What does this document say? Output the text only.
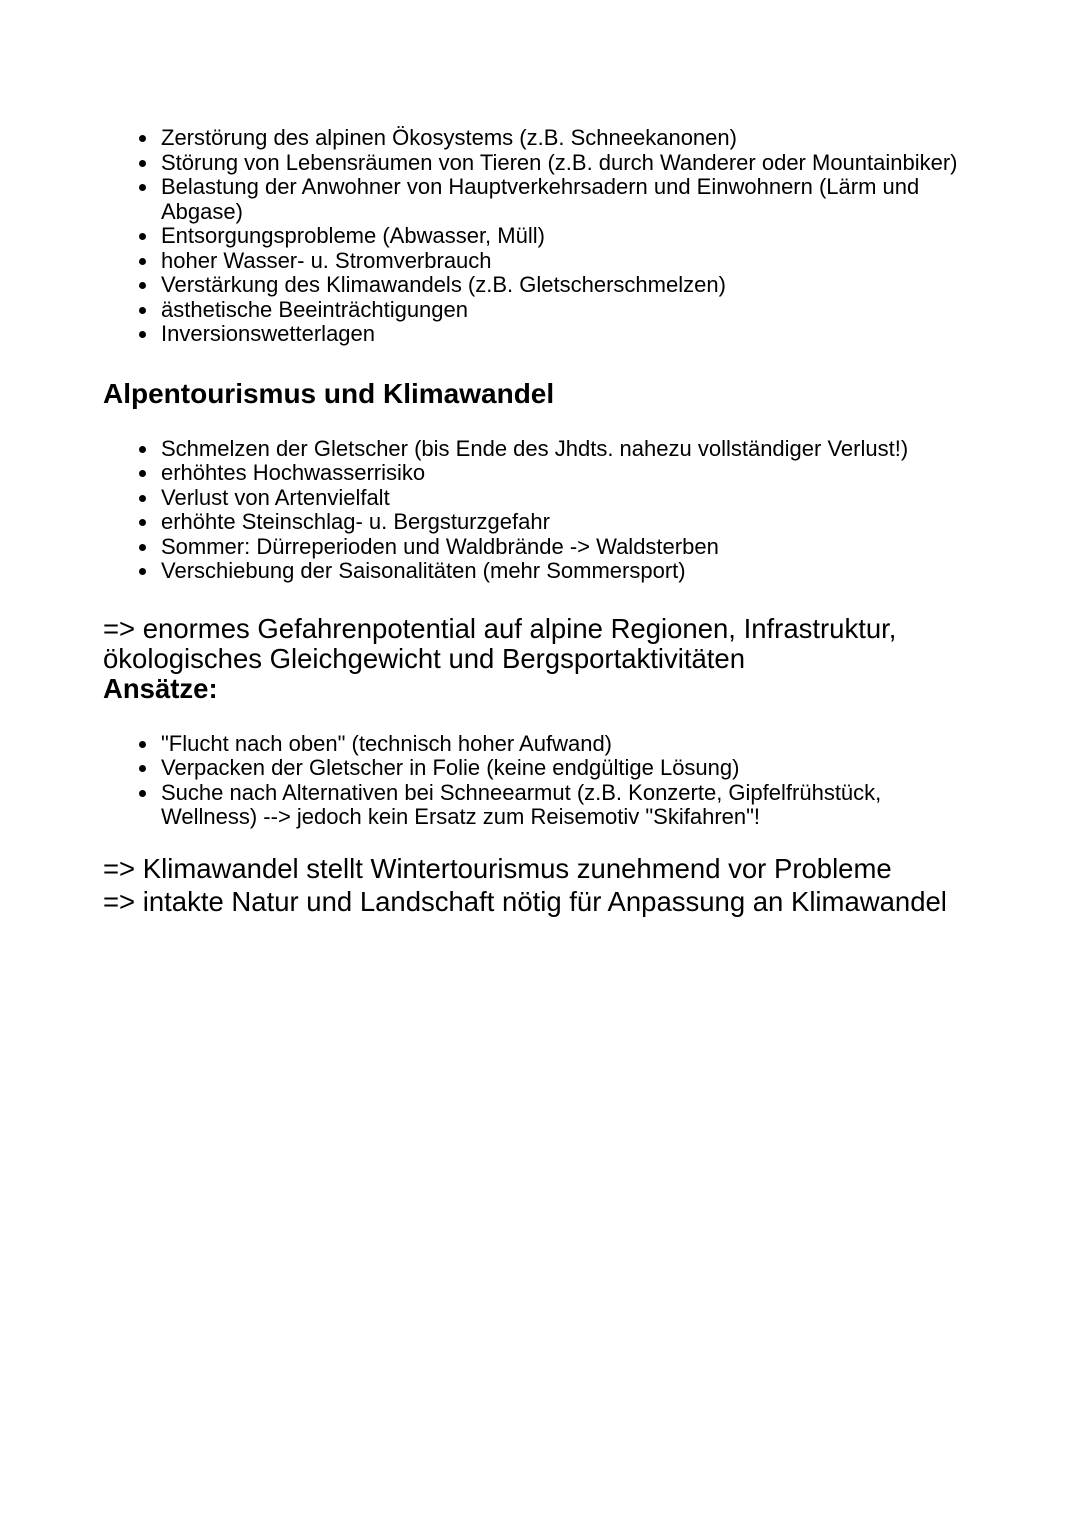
Zerstörung des alpinen Ökosystems (z.B. Schneekanonen)
Störung von Lebensräumen von Tieren (z.B. durch Wanderer oder Mountainbiker)
Belastung der Anwohner von Hauptverkehrsadern und Einwohnern (Lärm und Abgase)
Entsorgungsprobleme (Abwasser, Müll)
hoher Wasser- u. Stromverbrauch
Verstärkung des Klimawandels (z.B. Gletscherschmelzen)
ästhetische Beeinträchtigungen
Inversionswetterlagen
Alpentourismus und Klimawandel
Schmelzen der Gletscher (bis Ende des Jhdts. nahezu vollständiger Verlust!)
erhöhtes Hochwasserrisiko
Verlust von Artenvielfalt
erhöhte Steinschlag- u. Bergsturzgefahr
Sommer: Dürreperioden und Waldbrände -> Waldsterben
Verschiebung der Saisonalitäten (mehr Sommersport)

=> enormes Gefahrenpotential auf alpine Regionen, Infrastruktur, ökologisches Gleichgewicht und Bergsportaktivitäten

Ansätze:

"Flucht nach oben" (technisch hoher Aufwand)
Verpacken der Gletscher in Folie (keine endgültige Lösung)
Suche nach Alternativen bei Schneearmut (z.B. Konzerte, Gipfelfrühstück, Wellness) --> jedoch kein Ersatz zum Reisemotiv "Skifahren"!
=> Klimawandel stellt Wintertourismus zunehmend vor Probleme
=> intakte Natur und Landschaft nötig für Anpassung an Klimawandel
